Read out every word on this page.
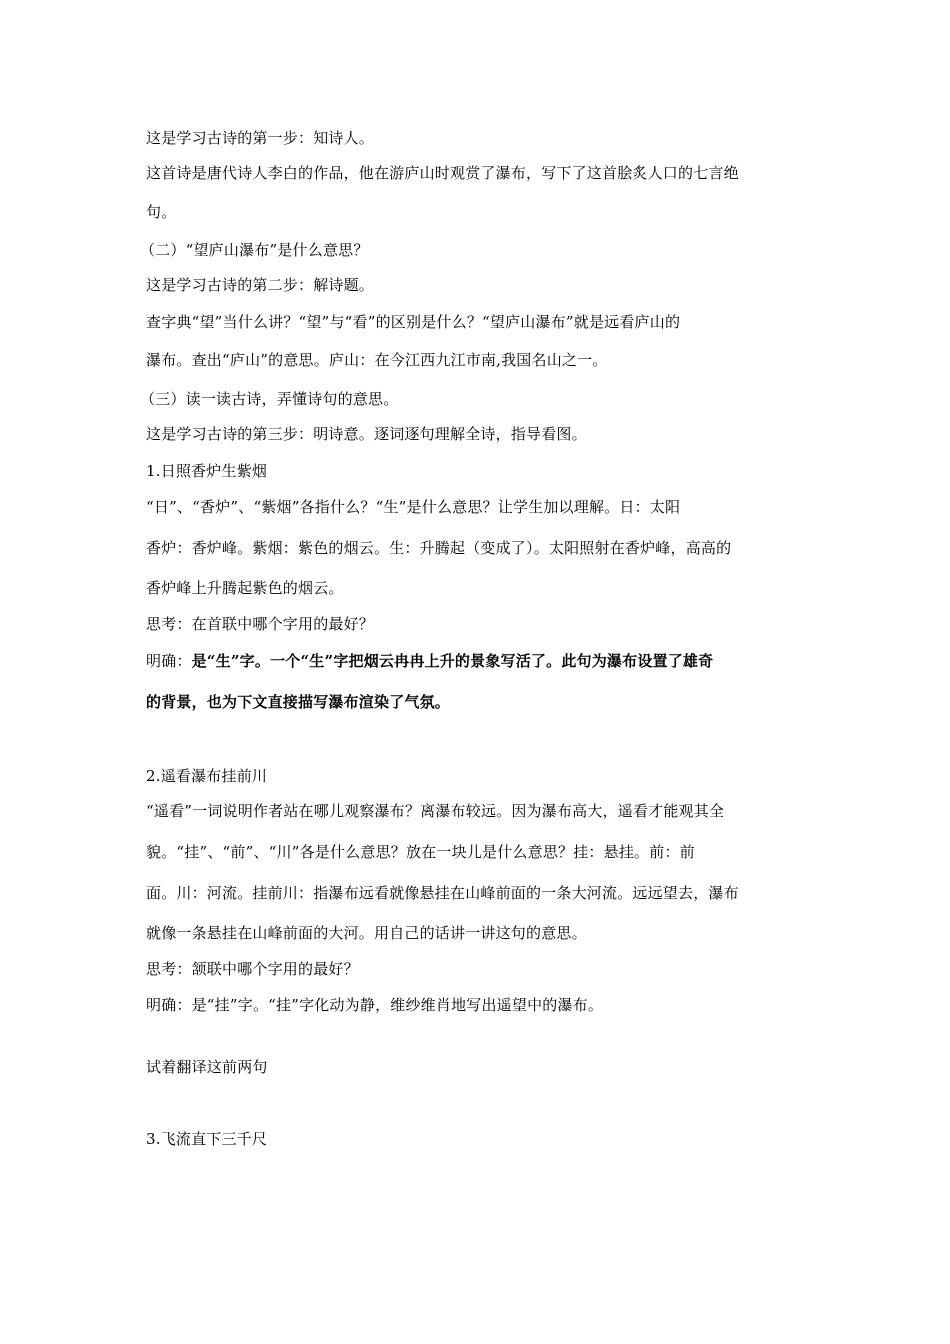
这是学习古诗的第一步：知诗人。
这首诗是唐代诗人李白的作品，他在游庐山时观赏了瀑布，写下了这首脍炙人口的七言绝
句。
（二）“望庐山瀑布”是什么意思？
这是学习古诗的第二步：解诗题。
查字典“望”当什么讲？“望”与“看”的区别是什么？“望庐山瀑布”就是远看庐山的
瀑布。查出“庐山”的意思。庐山：在今江西九江市南,我国名山之一。
（三）读一读古诗，弄懂诗句的意思。
这是学习古诗的第三步：明诗意。逐词逐句理解全诗，指导看图。
1.日照香炉生紫烟
“日”、“香炉”、“紫烟”各指什么？“生”是什么意思？让学生加以理解。日：太阳
香炉：香炉峰。紫烟：紫色的烟云。生：升腾起（变成了）。太阳照射在香炉峰，高高的
香炉峰上升腾起紫色的烟云。
思考：在首联中哪个字用的最好？
明确：是“生”字。一个“生”字把烟云冉冉上升的景象写活了。此句为瀑布设置了雄奇
的背景，也为下文直接描写瀑布渲染了气氛。
2.遥看瀑布挂前川
“遥看”一词说明作者站在哪儿观察瀑布？离瀑布较远。因为瀑布高大，遥看才能观其全
貌。“挂”、“前”、“川”各是什么意思？放在一块儿是什么意思？挂：悬挂。前：前
面。川：河流。挂前川：指瀑布远看就像悬挂在山峰前面的一条大河流。远远望去，瀑布
就像一条悬挂在山峰前面的大河。用自己的话讲一讲这句的意思。
思考：颔联中哪个字用的最好？
明确：是“挂”字。“挂”字化动为静，维纱维肖地写出遥望中的瀑布。
试着翻译这前两句
3.飞流直下三千尺
